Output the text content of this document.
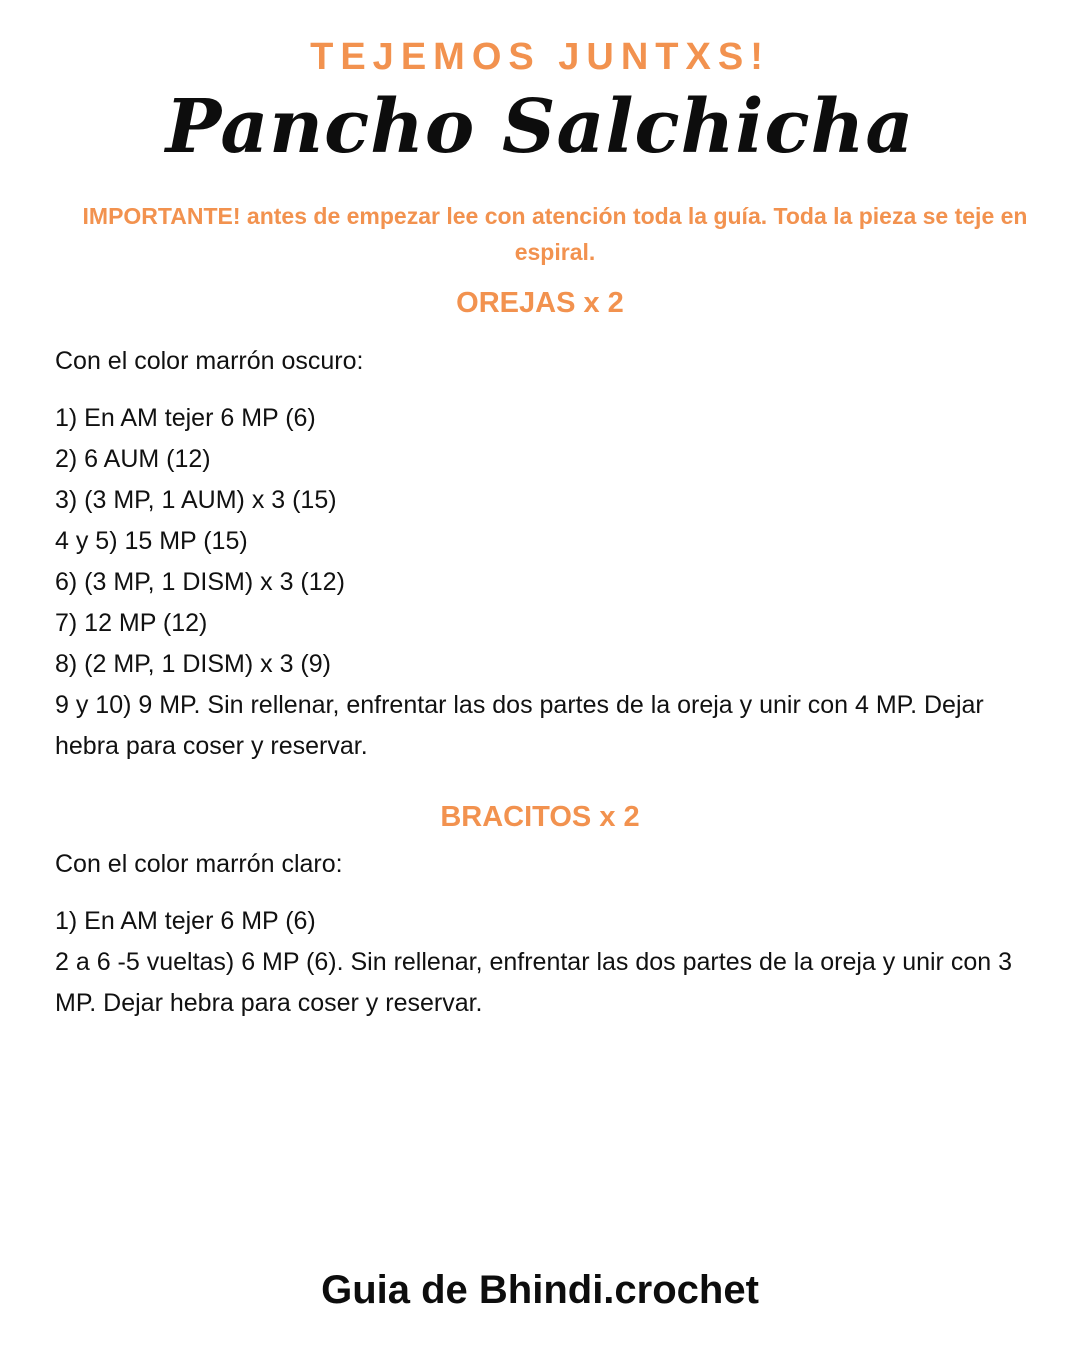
TEJEMOS JUNTXS!
Pancho Salchicha
IMPORTANTE! antes de empezar lee con atención toda la guía. Toda la pieza se teje en espiral.
OREJAS x 2
Con el color marrón oscuro:
1) En AM tejer 6 MP (6)
2) 6 AUM (12)
3) (3 MP, 1 AUM) x 3 (15)
4 y 5) 15 MP (15)
6) (3 MP, 1 DISM) x 3 (12)
7) 12 MP (12)
8) (2 MP, 1 DISM) x 3 (9)
9 y 10) 9 MP. Sin rellenar, enfrentar las dos partes de la oreja y unir con 4 MP. Dejar hebra para coser y reservar.
BRACITOS x 2
Con el color marrón claro:
1) En AM tejer 6 MP (6)
2 a 6 -5 vueltas) 6 MP (6). Sin rellenar, enfrentar las dos partes de la oreja y unir con 3 MP. Dejar hebra para coser y reservar.
Guia de Bhindi.crochet
